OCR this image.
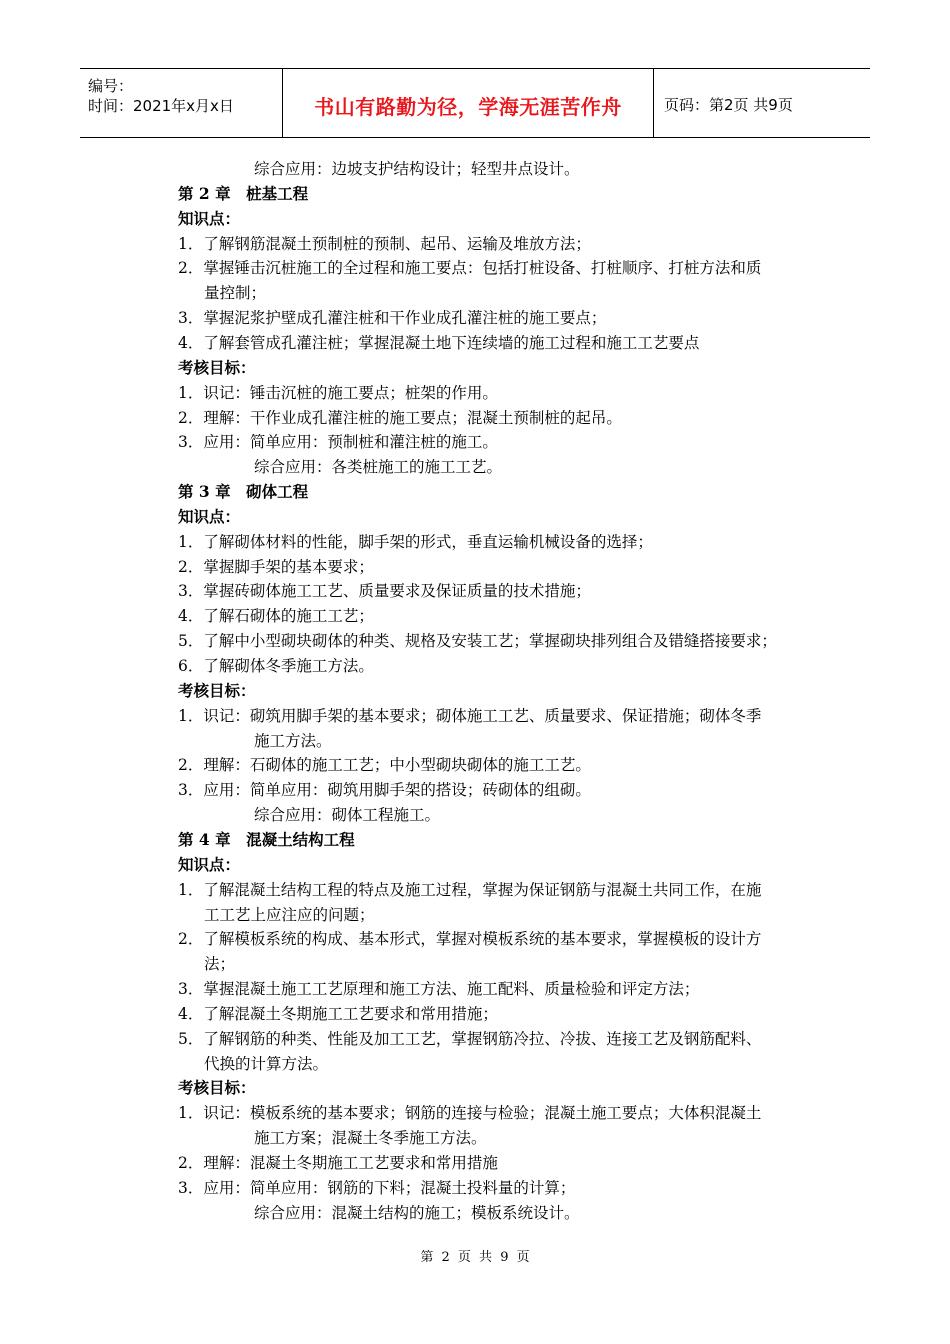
编号：
时间：2021年x月x日	书山有路勤为径，学海无涯苦作舟	页码：第2页 共9页
综合应用：边坡支护结构设计；轻型井点设计。
第 2 章　桩基工程
知识点：
1．了解钢筋混凝土预制桩的预制、起吊、运输及堆放方法；
2．掌握锤击沉桩施工的全过程和施工要点：包括打桩设备、打桩顺序、打桩方法和质
量控制；
3．掌握泥浆护壁成孔灌注桩和干作业成孔灌注桩的施工要点；
4．了解套管成孔灌注桩；掌握混凝土地下连续墙的施工过程和施工工艺要点
考核目标：
1．识记：锤击沉桩的施工要点；桩架的作用。
2．理解：干作业成孔灌注桩的施工要点；混凝土预制桩的起吊。
3．应用：简单应用：预制桩和灌注桩的施工。
综合应用：各类桩施工的施工工艺。
第 3 章　砌体工程
知识点：
1．了解砌体材料的性能，脚手架的形式，垂直运输机械设备的选择；
2．掌握脚手架的基本要求；
3．掌握砖砌体施工工艺、质量要求及保证质量的技术措施；
4．了解石砌体的施工工艺；
5．了解中小型砌块砌体的种类、规格及安装工艺；掌握砌块排列组合及错缝搭接要求；
6．了解砌体冬季施工方法。
考核目标：
1．识记：砌筑用脚手架的基本要求；砌体施工工艺、质量要求、保证措施；砌体冬季
施工方法。
2．理解：石砌体的施工工艺；中小型砌块砌体的施工工艺。
3．应用：简单应用：砌筑用脚手架的搭设；砖砌体的组砌。
综合应用：砌体工程施工。
第 4 章　混凝土结构工程
知识点：
1．了解混凝土结构工程的特点及施工过程，掌握为保证钢筋与混凝土共同工作，在施
工工艺上应注应的问题；
2．了解模板系统的构成、基本形式，掌握对模板系统的基本要求，掌握模板的设计方
法；
3．掌握混凝土施工工艺原理和施工方法、施工配料、质量检验和评定方法；
4．了解混凝土冬期施工工艺要求和常用措施；
5．了解钢筋的种类、性能及加工工艺，掌握钢筋冷拉、冷拔、连接工艺及钢筋配料、
代换的计算方法。
考核目标：
1．识记：模板系统的基本要求；钢筋的连接与检验；混凝土施工要点；大体积混凝土
施工方案；混凝土冬季施工方法。
2．理解：混凝土冬期施工工艺要求和常用措施
3．应用：简单应用：钢筋的下料；混凝土投料量的计算；
综合应用：混凝土结构的施工；模板系统设计。
第 2 页 共 9 页
